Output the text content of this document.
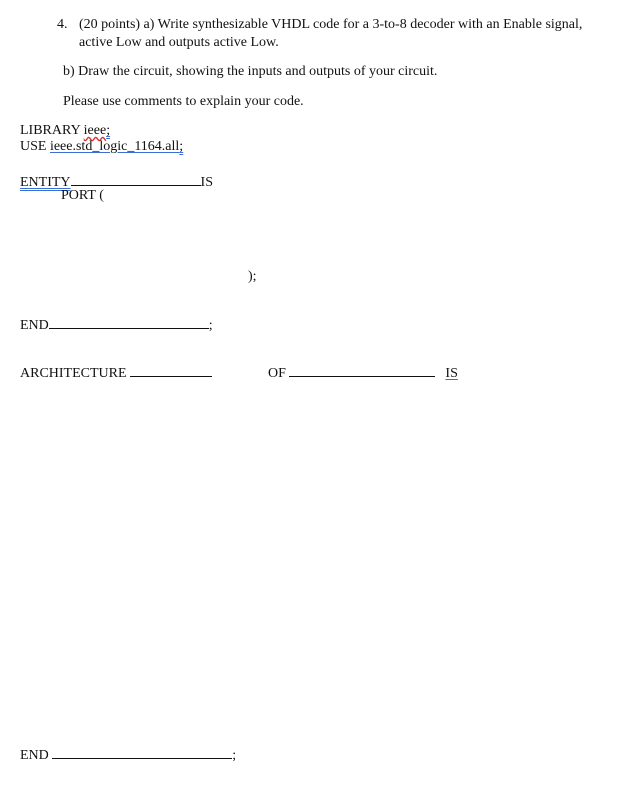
4. (20 points) a) Write synthesizable VHDL code for a 3-to-8 decoder with an Enable signal,
active Low and outputs active Low.
b) Draw the circuit, showing the inputs and outputs of your circuit.
Please use comments to explain your code.
LIBRARY ieee;
USE ieee.std_logic_1164.all;
ENTITY	IS
PORT (
);
END	;
ARCHITECTURE	OF	IS
END	;
